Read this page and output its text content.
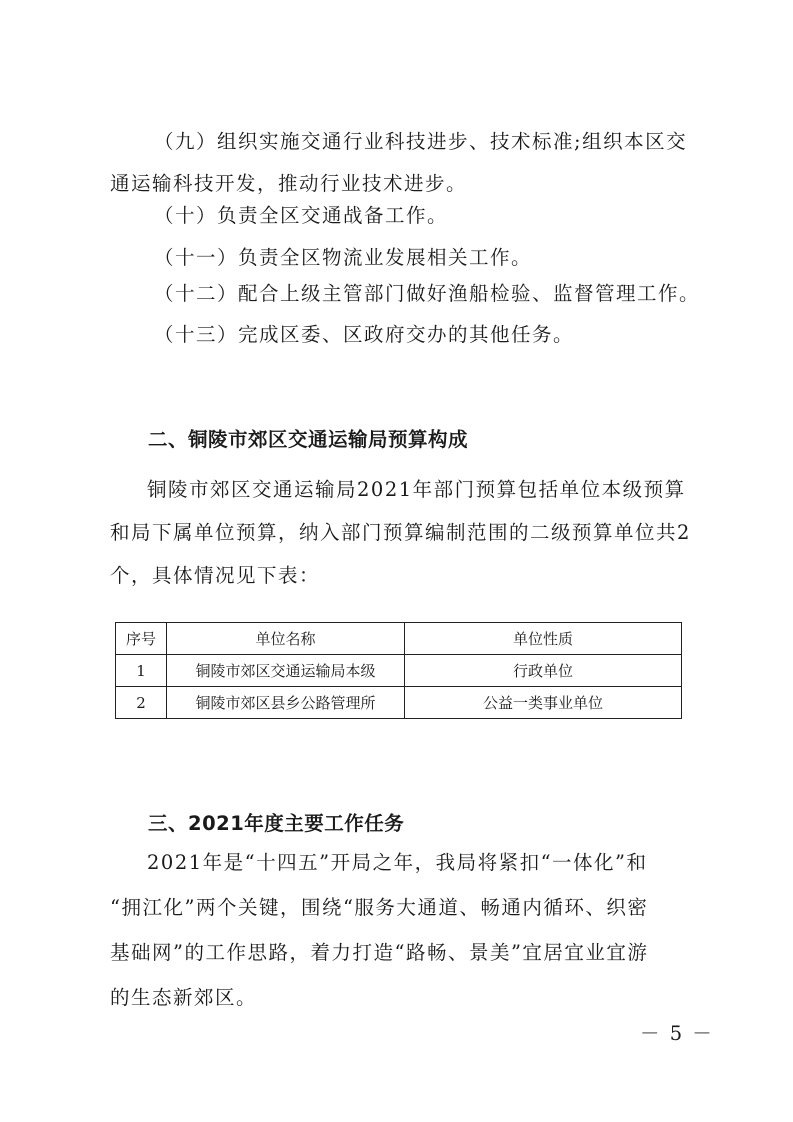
（九）组织实施交通行业科技进步、技术标准;组织本区交
通运输科技开发，推动行业技术进步。

（十）负责全区交通战备工作。

（十一）负责全区物流业发展相关工作。

（十二）配合上级主管部门做好渔船检验、监督管理工作。

（十三）完成区委、区政府交办的其他任务。

二、铜陵市郊区交通运输局预算构成

铜陵市郊区交通运输局2021年部门预算包括单位本级预算
和局下属单位预算，纳入部门预算编制范围的二级预算单位共2
个，具体情况见下表：

序号	单位名称	单位性质
1	铜陵市郊区交通运输局本级	行政单位
2	铜陵市郊区县乡公路管理所	公益一类事业单位
三、2021年度主要工作任务

2021年是“十四五”开局之年，我局将紧扣“一体化”和
“拥江化”两个关键，围绕“服务大通道、畅通内循环、织密
基础网”的工作思路，着力打造“路畅、景美”宜居宜业宜游
的生态新郊区。

－ 5 －
